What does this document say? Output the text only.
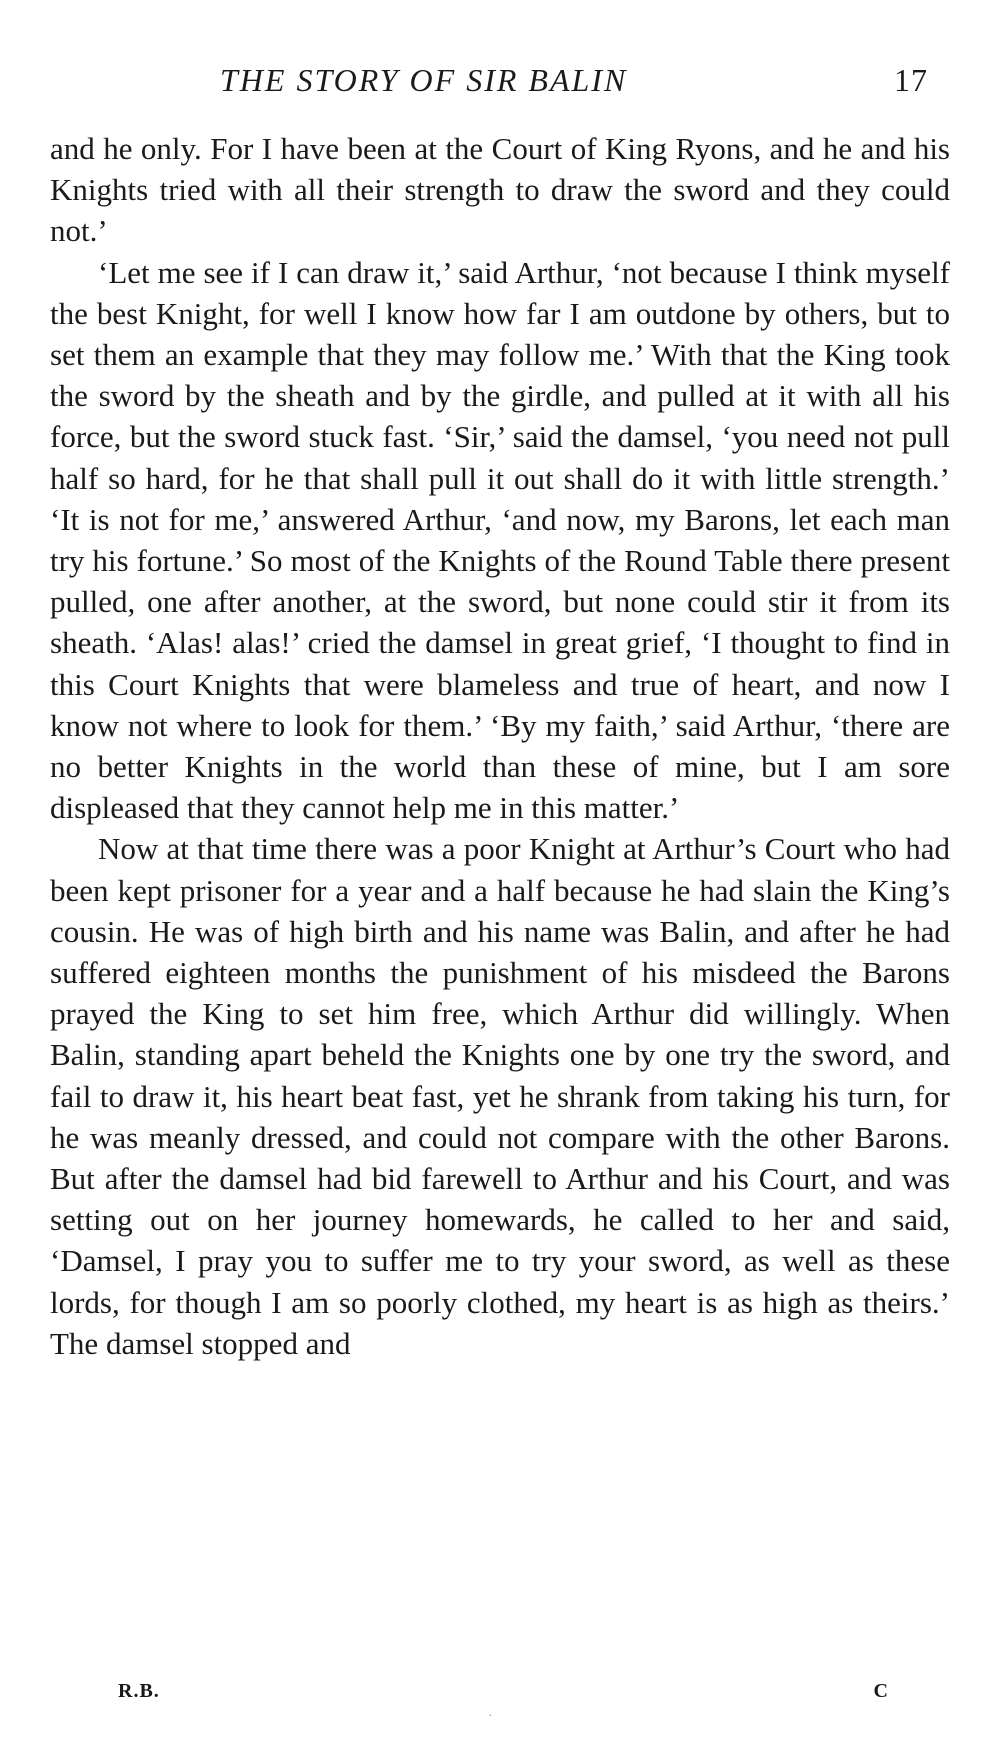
THE STORY OF SIR BALIN	17

and he only. For I have been at the Court of King Ryons, and he and his Knights tried with all their strength to draw the sword and they could not.’

‘Let me see if I can draw it,’ said Arthur, ‘not because I think myself the best Knight, for well I know how far I am outdone by others, but to set them an example that they may follow me.’ With that the King took the sword by the sheath and by the girdle, and pulled at it with all his force, but the sword stuck fast. ‘Sir,’ said the damsel, ‘you need not pull half so hard, for he that shall pull it out shall do it with little strength.’ ‘It is not for me,’ answered Arthur, ‘and now, my Barons, let each man try his fortune.’ So most of the Knights of the Round Table there present pulled, one after another, at the sword, but none could stir it from its sheath. ‘Alas! alas!’ cried the damsel in great grief, ‘I thought to find in this Court Knights that were blameless and true of heart, and now I know not where to look for them.’ ‘By my faith,’ said Arthur, ‘there are no better Knights in the world than these of mine, but I am sore displeased that they cannot help me in this matter.’

Now at that time there was a poor Knight at Arthur’s Court who had been kept prisoner for a year and a half because he had slain the King’s cousin. He was of high birth and his name was Balin, and after he had suffered eighteen months the punishment of his misdeed the Barons prayed the King to set him free, which Arthur did willingly. When Balin, standing apart beheld the Knights one by one try the sword, and fail to draw it, his heart beat fast, yet he shrank from taking his turn, for he was meanly dressed, and could not compare with the other Barons. But after the damsel had bid farewell to Arthur and his Court, and was setting out on her journey homewards, he called to her and said, ‘Damsel, I pray you to suffer me to try your sword, as well as these lords, for though I am so poorly clothed, my heart is as high as theirs.’ The damsel stopped and

R.B.	C
·
